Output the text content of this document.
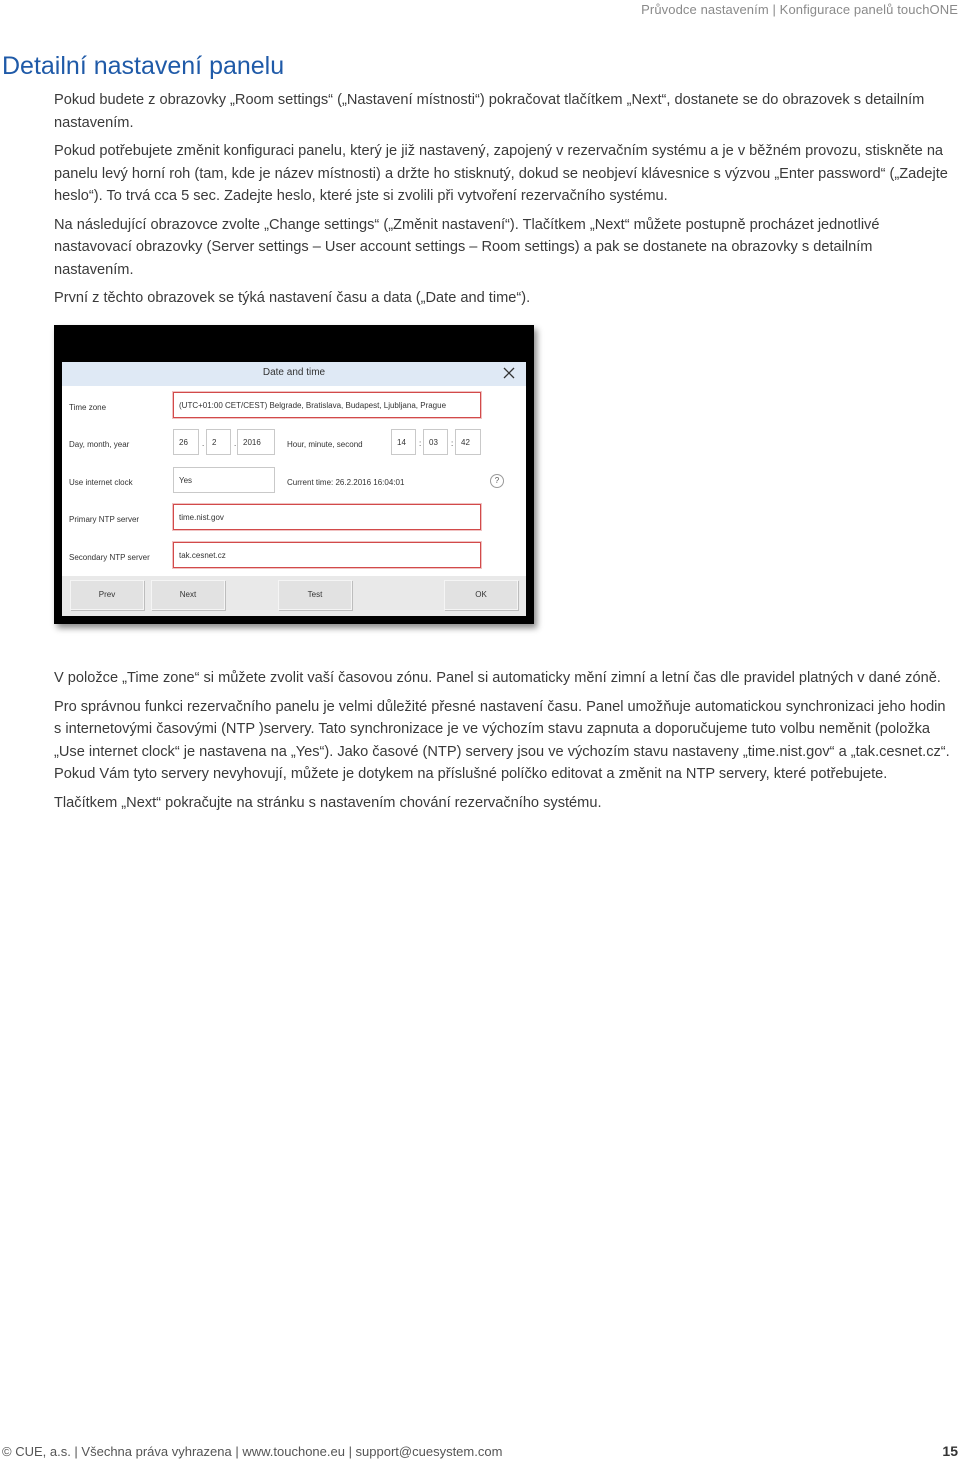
Průvodce nastavením | Konfigurace panelů touchONE
Detailní nastavení panelu

Pokud budete z obrazovky „Room settings“ („Nastavení místnosti“) pokračovat tlačítkem „Next“, dostanete se do obrazovek s detailním nastavením.

Pokud potřebujete změnit konfiguraci panelu, který je již nastavený, zapojený v rezervačním systému a je v běžném provozu, stiskněte na panelu levý horní roh (tam, kde je název místnosti) a držte ho stisknutý, dokud se neobjeví klávesnice s výzvou „Enter password“ („Zadejte heslo“). To trvá cca 5 sec. Zadejte heslo, které jste si zvolili při vytvoření rezervačního systému.

Na následující obrazovce zvolte „Change settings“ („Změnit nastavení“). Tlačítkem „Next“ můžete postupně procházet jednotlivé nastavovací obrazovky (Server settings – User account settings – Room settings) a pak se dostanete na obrazovky s detailním nastavením.

První z těchto obrazovek se týká nastavení času a data („Date and time“).

Date and time
Time zone	(UTC+01:00 CET/CEST) Belgrade, Bratislava, Budapest, Ljubljana, Prague
Day, month, year	26	. 2	. 2016	Hour, minute, second	14	: 03	: 42
Use internet clock	Yes	Current time: 26.2.2016 16:04:01	?
Primary NTP server	time.nist.gov
Secondary NTP server	tak.cesnet.cz
Prev	Next	Test	OK

V položce „Time zone“ si můžete zvolit vaší časovou zónu. Panel si automaticky mění zimní a letní čas dle pravidel platných v dané zóně.

Pro správnou funkci rezervačního panelu je velmi důležité přesné nastavení času. Panel umožňuje automatickou synchronizaci jeho hodin s internetovými časovými (NTP )servery. Tato synchronizace je ve výchozím stavu zapnuta a doporučujeme tuto volbu neměnit (položka „Use internet clock“ je nastavena na „Yes“). Jako časové (NTP) servery jsou ve výchozím stavu nastaveny „time.nist.gov“ a „tak.cesnet.cz“. Pokud Vám tyto servery nevyhovují, můžete je dotykem na příslušné políčko editovat a změnit na NTP servery, které potřebujete.

Tlačítkem „Next“ pokračujte na stránku s nastavením chování rezervačního systému.

© CUE, a.s. | Všechna práva vyhrazena | www.touchone.eu | support@cuesystem.com	15
